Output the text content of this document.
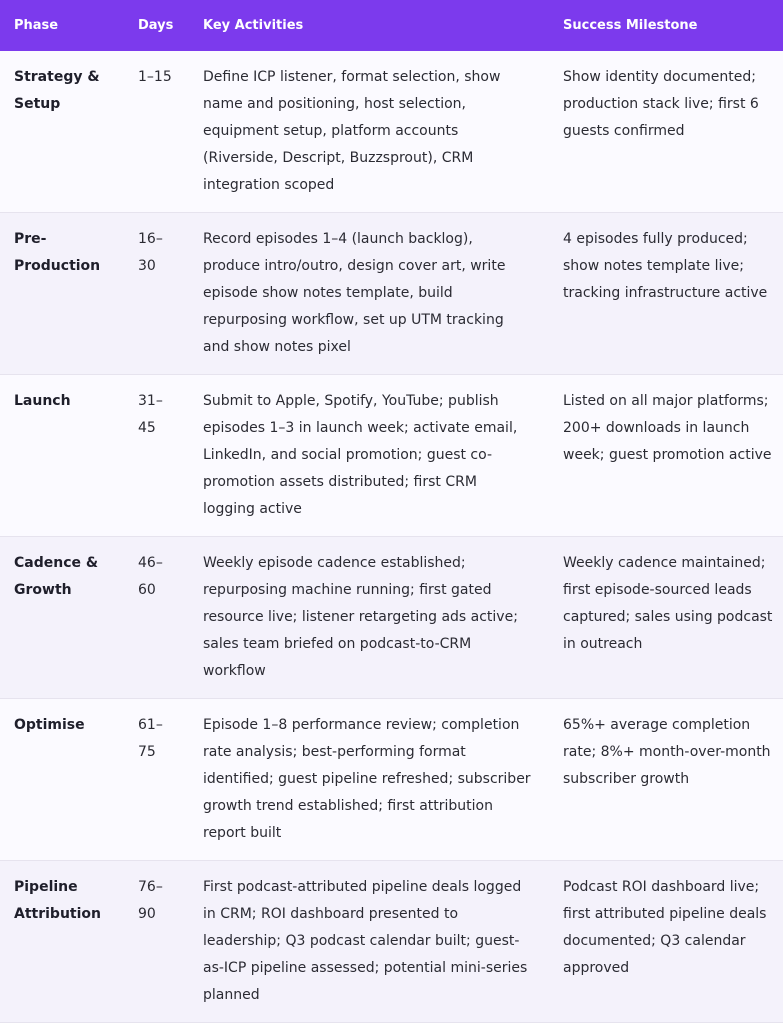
Phase	Days	Key Activities	Success Milestone
Strategy & Setup	1–15	Define ICP listener, format selection, show name and positioning, host selection, equipment setup, platform accounts (Riverside, Descript, Buzzsprout), CRM integration scoped	Show identity documented; production stack live; first 6 guests confirmed
Pre-Production	16–30	Record episodes 1–4 (launch backlog), produce intro/outro, design cover art, write episode show notes template, build repurposing workflow, set up UTM tracking and show notes pixel	4 episodes fully produced; show notes template live; tracking infrastructure active
Launch	31–45	Submit to Apple, Spotify, YouTube; publish episodes 1–3 in launch week; activate email, LinkedIn, and social promotion; guest co-promotion assets distributed; first CRM logging active	Listed on all major platforms; 200+ downloads in launch week; guest promotion active
Cadence & Growth	46–60	Weekly episode cadence established; repurposing machine running; first gated resource live; listener retargeting ads active; sales team briefed on podcast-to-CRM workflow	Weekly cadence maintained; first episode-sourced leads captured; sales using podcast in outreach
Optimise	61–75	Episode 1–8 performance review; completion rate analysis; best-performing format identified; guest pipeline refreshed; subscriber growth trend established; first attribution report built	65%+ average completion rate; 8%+ month-over-month subscriber growth
Pipeline Attribution	76–90	First podcast-attributed pipeline deals logged in CRM; ROI dashboard presented to leadership; Q3 podcast calendar built; guest-as-ICP pipeline assessed; potential mini-series planned	Podcast ROI dashboard live; first attributed pipeline deals documented; Q3 calendar approved
